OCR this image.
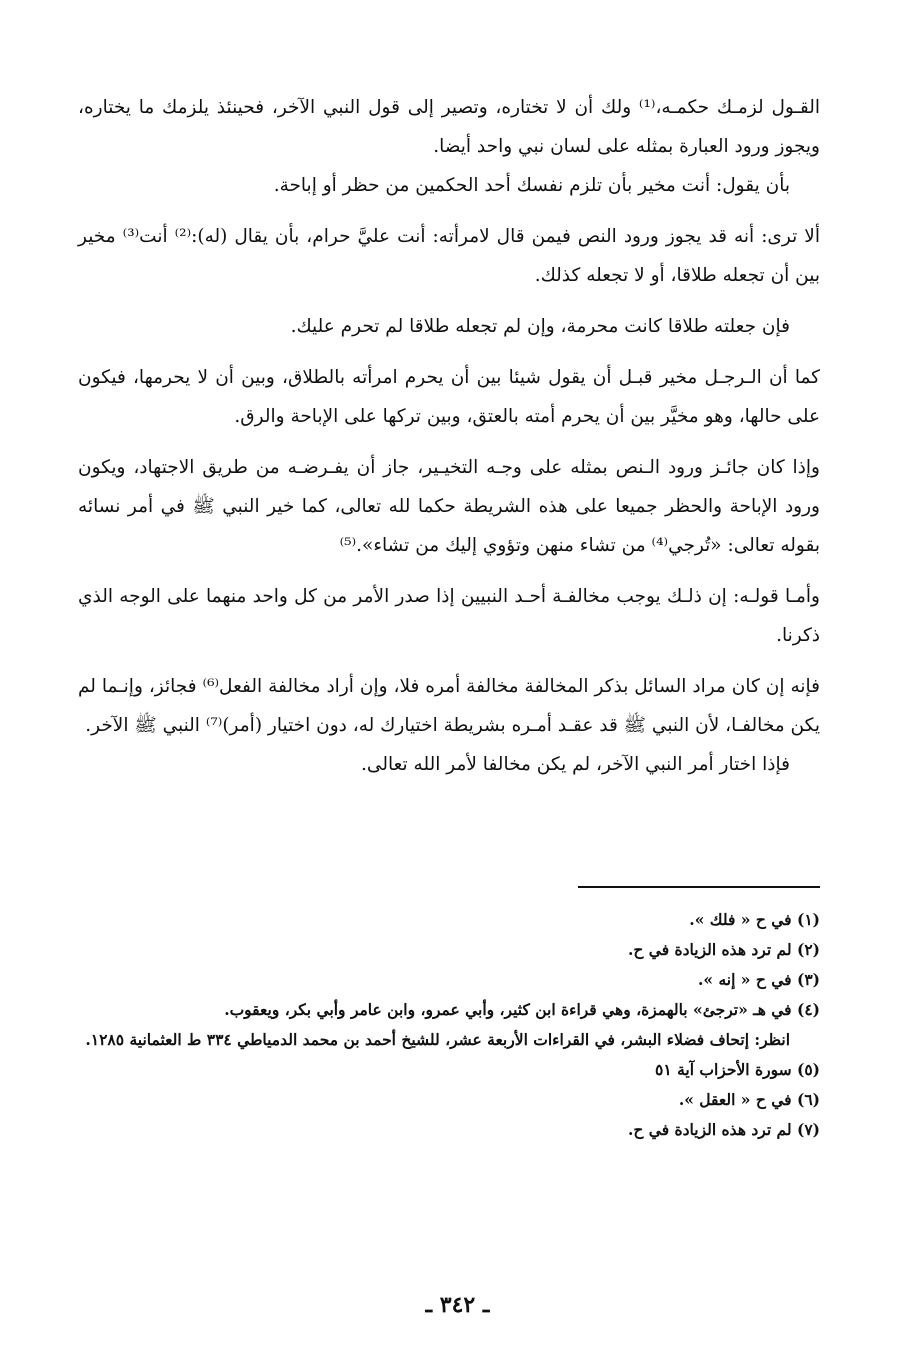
القـول لزمـك حكمـه،⁽¹⁾ ولك أن لا تختاره، وتصير إلى قول النبي الآخر، فحينئذ يلزمك ما يختاره، ويجوز ورود العبارة بمثله على لسان نبي واحد أيضا.

بأن يقول: أنت مخير بأن تلزم نفسك أحد الحكمين من حظر أو إباحة.

ألا ترى: أنه قد يجوز ورود النص فيمن قال لامرأته: أنت عليَّ حرام، بأن يقال (له):⁽²⁾ أنت⁽³⁾ مخير بين أن تجعله طلاقا، أو لا تجعله كذلك.

فإن جعلته طلاقا كانت محرمة، وإن لم تجعله طلاقا لم تحرم عليك.

كما أن الـرجـل مخير قبـل أن يقول شيئا بين أن يحرم امرأته بالطلاق، وبين أن لا يحرمها، فيكون على حالها، وهو مخيَّر بين أن يحرم أمته بالعتق، وبين تركها على الإباحة والرق.

وإذا كان جائـز ورود الـنص بمثله على وجـه التخيـير، جاز أن يفـرضـه من طريق الاجتهاد، ويكون ورود الإباحة والحظر جميعا على هذه الشريطة حكما لله تعالى، كما خير النبي ﷺ في أمر نسائه بقوله تعالى: «تُرجي⁽⁴⁾ من تشاء منهن وتؤوي إليك من تشاء».⁽⁵⁾

وأمـا قولـه: إن ذلـك يوجب مخالفـة أحـد النبيين إذا صدر الأمر من كل واحد منهما على الوجه الذي ذكرنا.

فإنه إن كان مراد السائل بذكر المخالفة مخالفة أمره فلا، وإن أراد مخالفة الفعل⁽⁶⁾ فجائز، وإنـما لم يكن مخالفـا، لأن النبي ﷺ قد عقـد أمـره بشريطة اختيارك له، دون اختيار (أمر)⁽⁷⁾ النبي ﷺ الآخر.

فإذا اختار أمر النبي الآخر، لم يكن مخالفا لأمر الله تعالى.

(١) في ح « فلك ».

(٢) لم ترد هذه الزيادة في ح.

(٣) في ح « إنه ».

(٤) في هـ «ترجئ» بالهمزة، وهي قراءة ابن كثير، وأبي عمرو، وابن عامر وأبي بكر، ويعقوب.

انظر: إتحاف فضلاء البشر، في القراءات الأربعة عشر، للشيخ أحمد بن محمد الدمياطي ٣٣٤ ط العثمانية ١٢٨٥.

(٥) سورة الأحزاب آية ٥١

(٦) في ح « العقل ».

(٧) لم ترد هذه الزيادة في ح.

ـ ٣٤٢ ـ
